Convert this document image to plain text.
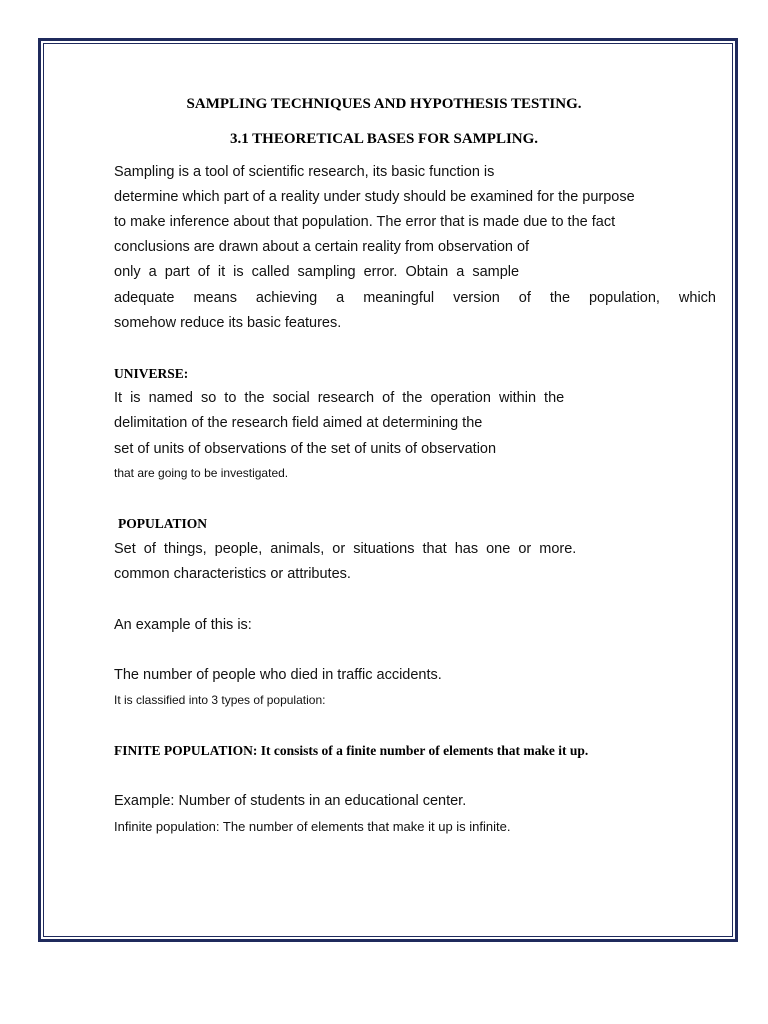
SAMPLING TECHNIQUES AND HYPOTHESIS TESTING.
3.1 THEORETICAL BASES FOR SAMPLING.
Sampling is a tool of scientific research, its basic function is
determine which part of a reality under study should be examined for the purpose
to make inference about that population. The error that is made due to the fact
conclusions are drawn about a certain reality from observation of
only a part of it is called sampling error. Obtain a sample
adequate means achieving a meaningful version of the population, which
somehow reduce its basic features.
UNIVERSE:
It is named so to the social research of the operation within the
delimitation of the research field aimed at determining the
set of units of observations of the set of units of observation
that are going to be investigated.
POPULATION
Set of things, people, animals, or situations that has one or more.
common characteristics or attributes.
An example of this is:
The number of people who died in traffic accidents.
It is classified into 3 types of population:
FINITE POPULATION: It consists of a finite number of elements that make it up.
Example: Number of students in an educational center.
Infinite population: The number of elements that make it up is infinite.
